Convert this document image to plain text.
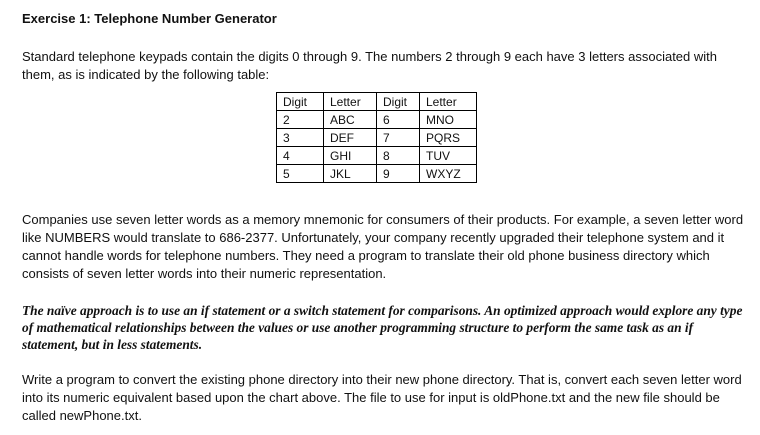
Exercise 1: Telephone Number Generator
Standard telephone keypads contain the digits 0 through 9. The numbers 2 through 9 each have 3 letters associated with them, as is indicated by the following table:
Digit	Letter	Digit	Letter
2	ABC	6	MNO
3	DEF	7	PQRS
4	GHI	8	TUV
5	JKL	9	WXYZ
Companies use seven letter words as a memory mnemonic for consumers of their products. For example, a seven letter word like NUMBERS would translate to 686-2377. Unfortunately, your company recently upgraded their telephone system and it cannot handle words for telephone numbers. They need a program to translate their old phone business directory which consists of seven letter words into their numeric representation.
The naïve approach is to use an if statement or a switch statement for comparisons. An optimized approach would explore any type of mathematical relationships between the values or use another programming structure to perform the same task as an if statement, but in less statements.
Write a program to convert the existing phone directory into their new phone directory. That is, convert each seven letter word into its numeric equivalent based upon the chart above. The file to use for input is oldPhone.txt and the new file should be called newPhone.txt.
